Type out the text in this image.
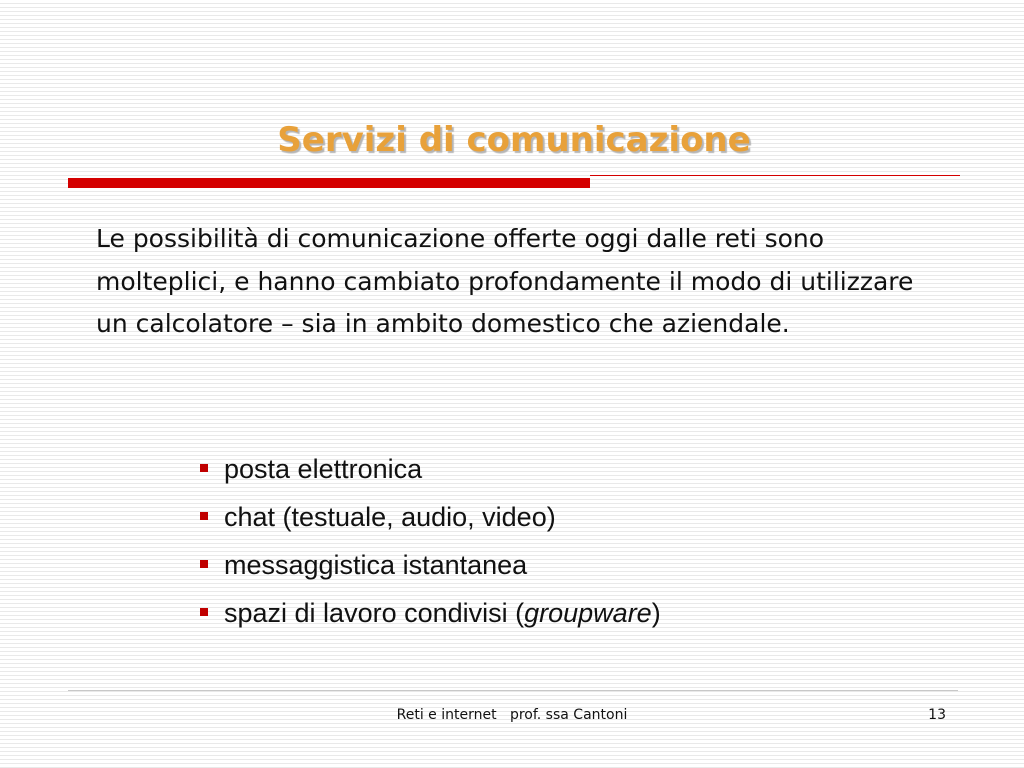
Servizi di comunicazione

Le possibilità di comunicazione offerte oggi dalle reti sono molteplici, e hanno cambiato profondamente il modo di utilizzare un calcolatore – sia in ambito domestico che aziendale.

posta elettronica
chat (testuale, audio, video)
messaggistica istantanea
spazi di lavoro condivisi (groupware)
Reti e internet prof. ssa Cantoni	13
